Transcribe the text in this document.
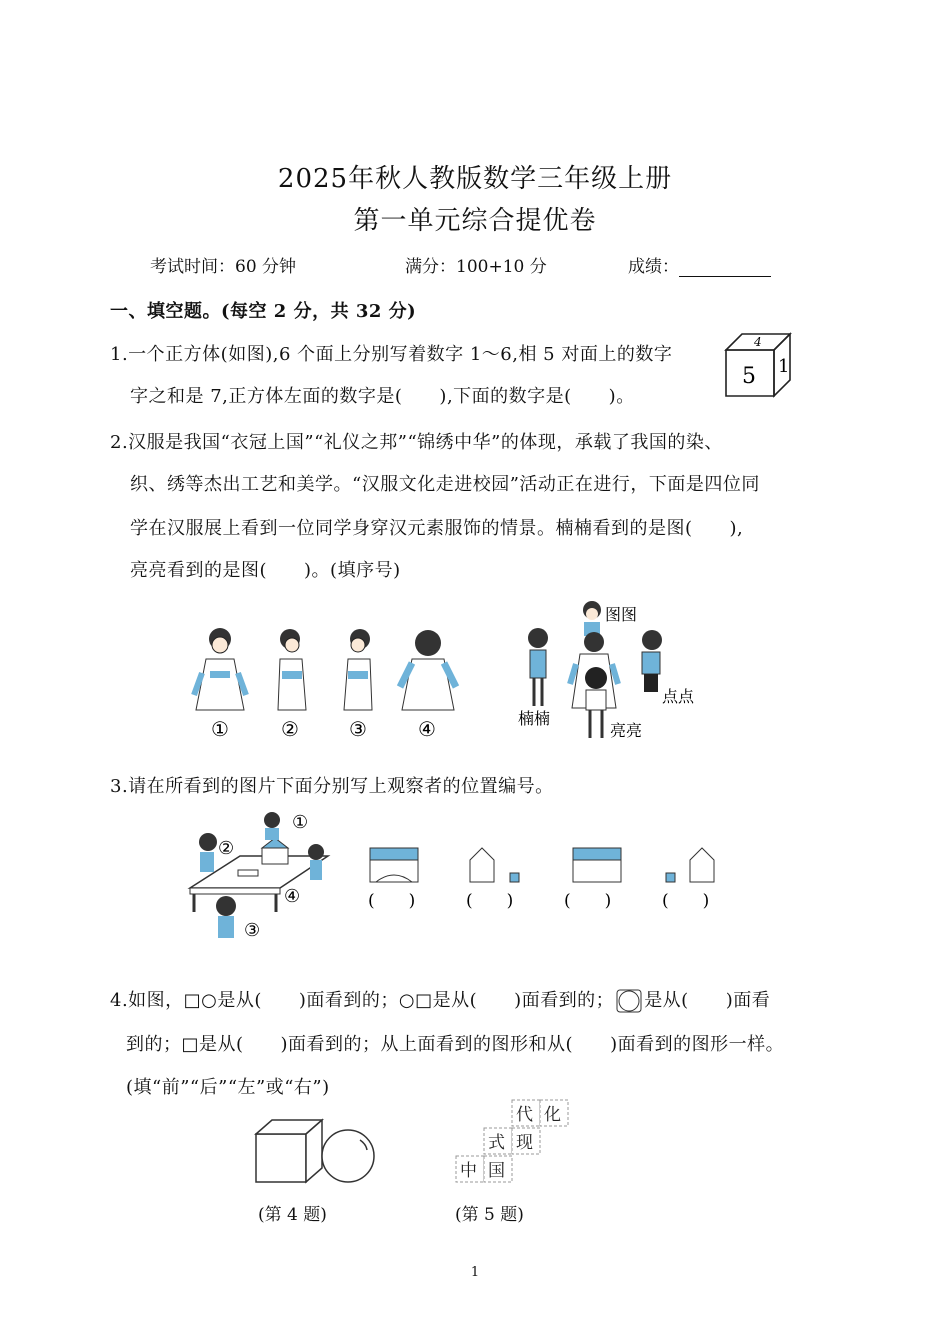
2025年秋人教版数学三年级上册
第一单元综合提优卷
考试时间：60 分钟	满分：100+10 分	成绩：
一、填空题。(每空 2 分，共 32 分)
1.一个正方体(如图),6 个面上分别写着数字 1～6,相 5 对面上的数字
字之和是 7,正方体左面的数字是(　　),下面的数字是(　　)。
5
4
1
2.汉服是我国“衣冠上国”“礼仪之邦”“锦绣中华”的体现，承载了我国的染、
织、绣等杰出工艺和美学。“汉服文化走进校园”活动正在进行，下面是四位同
学在汉服展上看到一位同学身穿汉元素服饰的情景。楠楠看到的是图(　　),
亮亮看到的是图(　　)。(填序号)
①	②	③	④
图图
点点
楠楠
亮亮
3.请在所看到的图片下面分别写上观察者的位置编号。
①
②
③
④	(　　)	(　　)	(　　)	(　　)
4.如图，□○是从(　　)面看到的；○□是从(　　)面看到的； 是从(　　)面看
到的；□是从(　　)面看到的；从上面看到的图形和从(　　)面看到的图形一样。
(填“前”“后”“左”或“右”)
(第 4 题)
中 国
式 现
代 化
(第 5 题)
1
